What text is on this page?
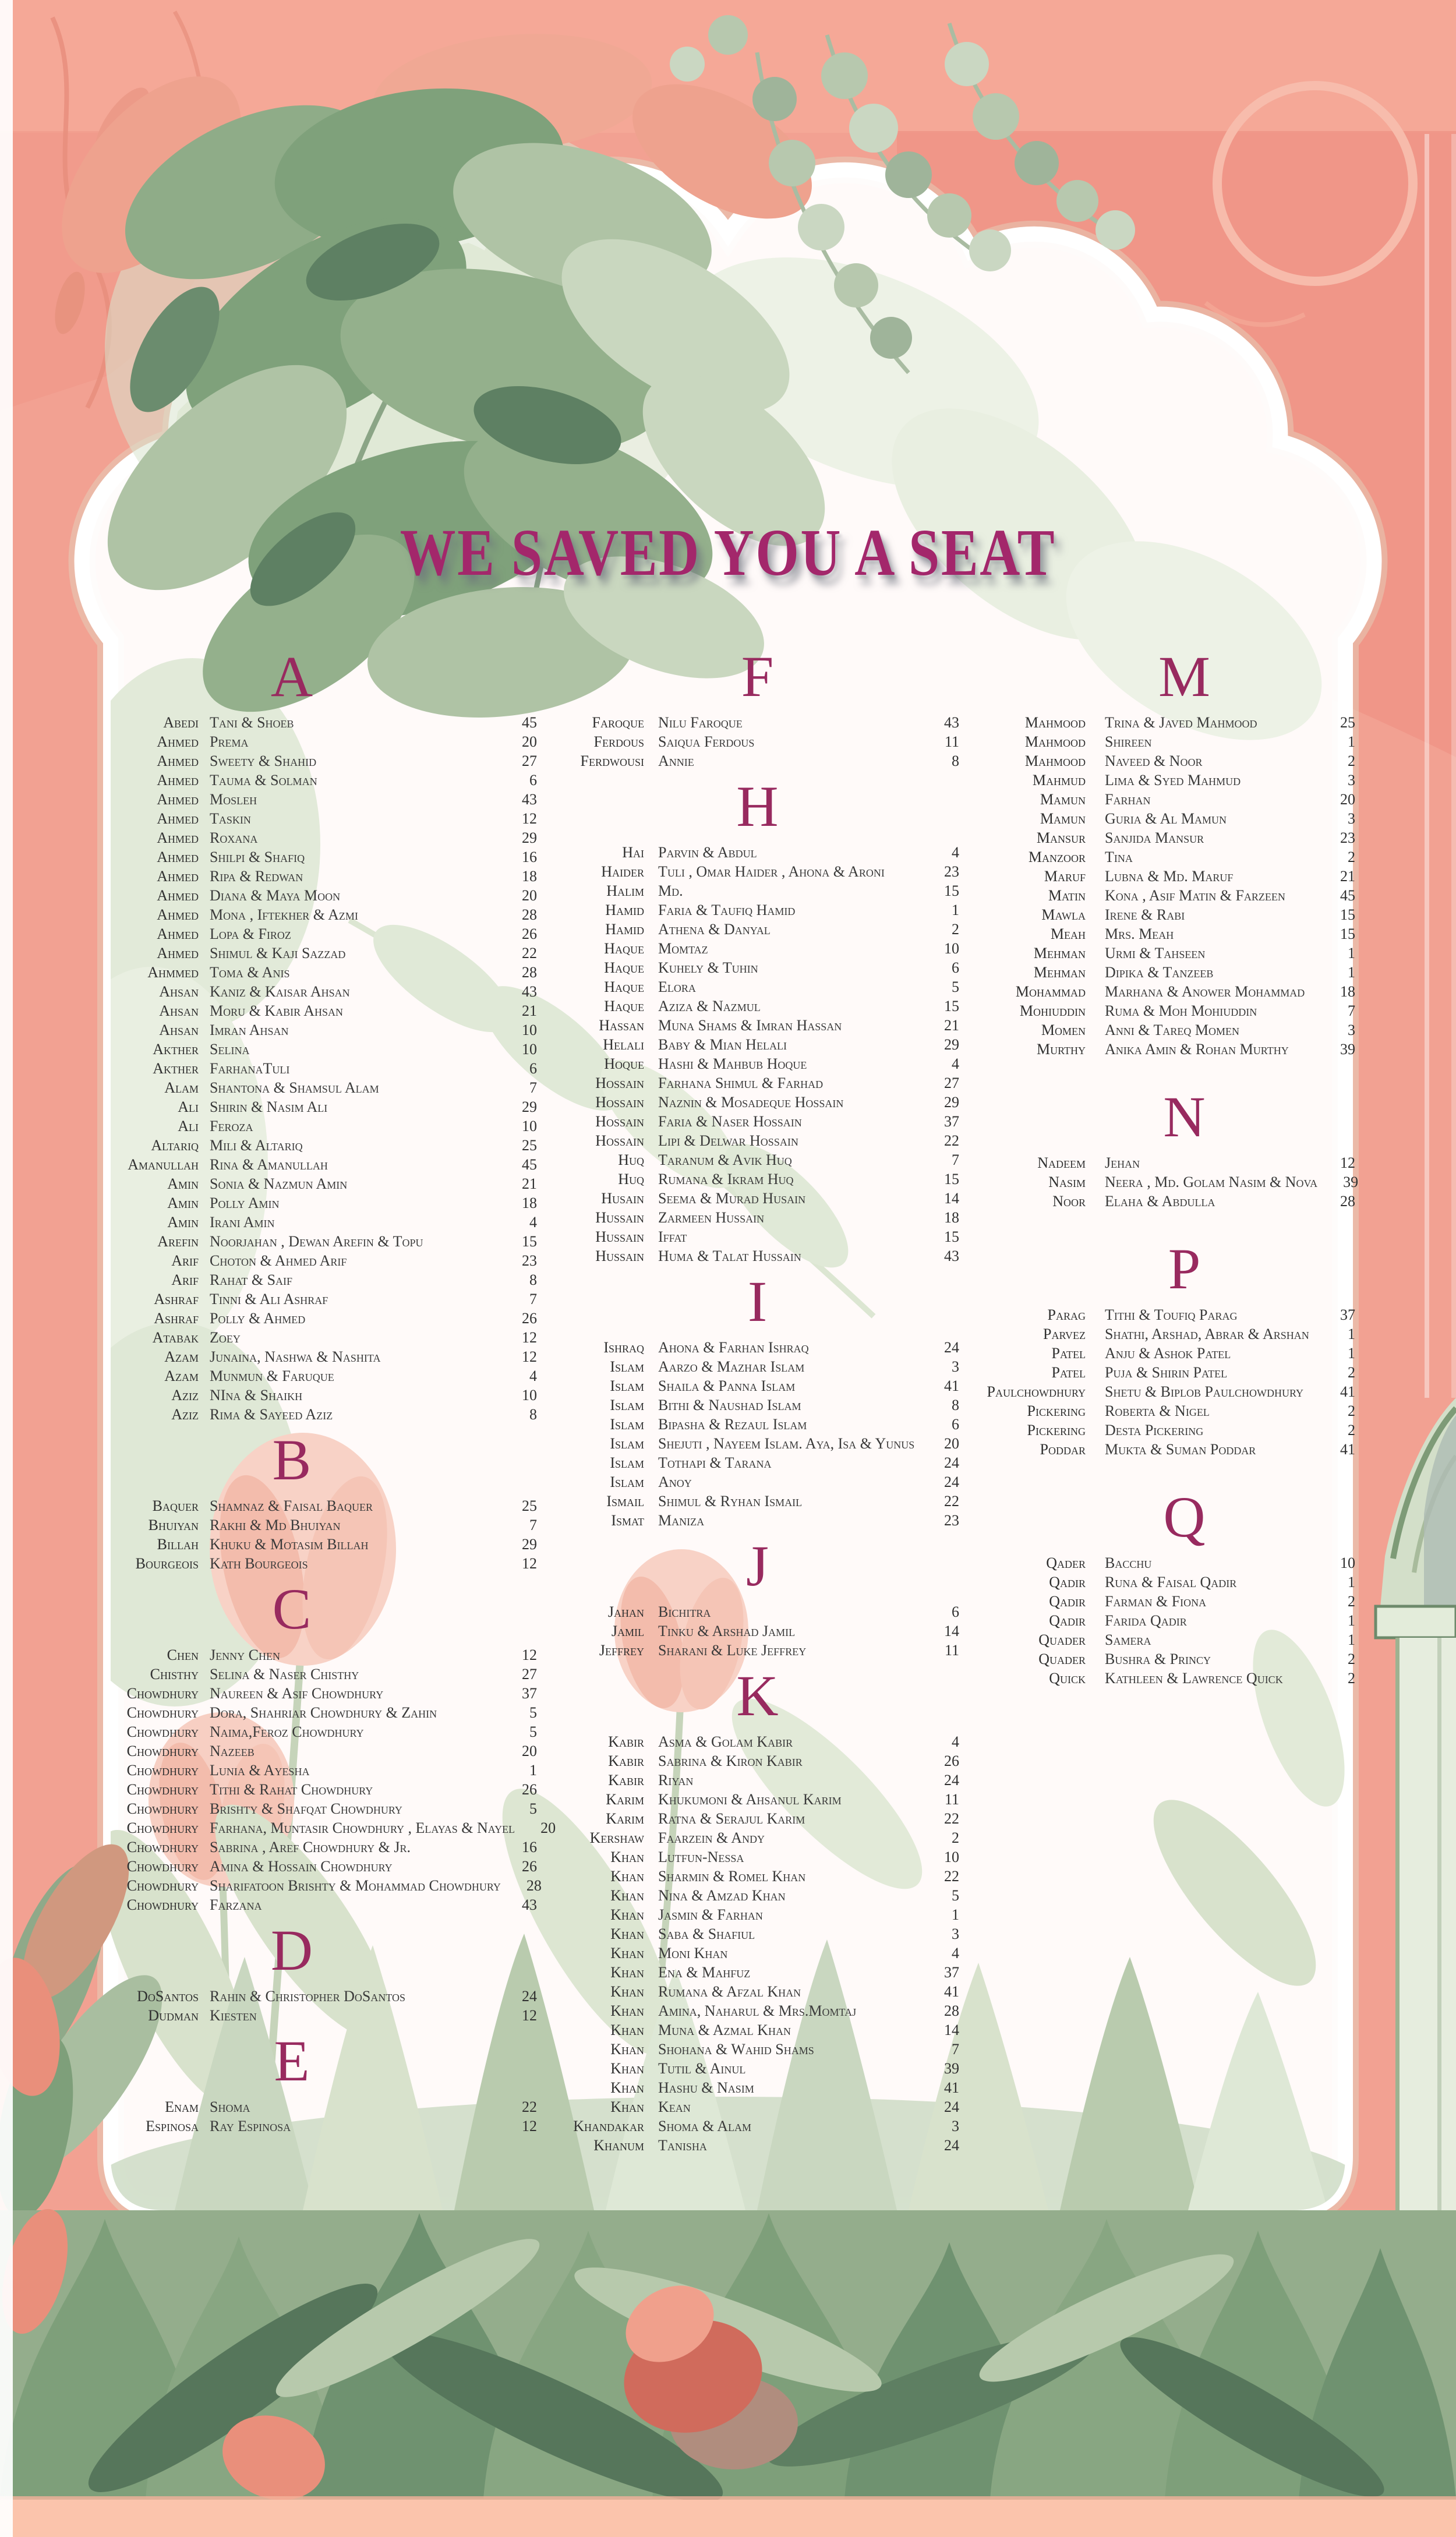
WE SAVED YOU A SEAT
A
Abedi Tani & Shoeb	45
Ahmed Prema	20
Ahmed Sweety & Shahid	27
Ahmed Tauma & Solman	6
Ahmed Mosleh	43
Ahmed Taskin	12
Ahmed Roxana	29
Ahmed Shilpi & Shafiq	16
Ahmed Ripa & Redwan	18
Ahmed Diana & Maya Moon	20
Ahmed Mona , Iftekher & Azmi	28
Ahmed Lopa & Firoz	26
Ahmed Shimul & Kaji Sazzad	22
Ahmmed Toma & Anis	28
Ahsan Kaniz & Kaisar Ahsan	43
Ahsan Moru & Kabir Ahsan	21
Ahsan Imran Ahsan	10
Akther Selina	10
Akther FarhanaTuli	6
Alam Shantona & Shamsul Alam	7
Ali Shirin & Nasim Ali	29
Ali Feroza	10
Altariq Mili & Altariq	25
Amanullah Rina & Amanullah	45
Amin Sonia & Nazmun Amin	21
Amin Polly Amin	18
Amin Irani Amin	4
Arefin Noorjahan , Dewan Arefin & Topu	15
Arif Choton & Ahmed Arif	23
Arif Rahat & Saif	8
Ashraf Tinni & Ali Ashraf	7
Ashraf Polly & Ahmed	26
Atabak Zoey	12
Azam Junaina, Nashwa & Nashita	12
Azam Munmun & Faruque	4
Aziz NIna & Shaikh	10
Aziz Rima & Sayeed Aziz	8
B
Baquer Shamnaz & Faisal Baquer	25
Bhuiyan Rakhi & Md Bhuiyan	7
Billah Khuku & Motasim Billah	29
Bourgeois Kath Bourgeois	12
C
Chen Jenny Chen	12
Chisthy Selina & Naser Chisthy	27
Chowdhury Naureen & Asif Chowdhury	37
Chowdhury Dora, Shahriar Chowdhury & Zahin	5
Chowdhury Naima,Feroz Chowdhury	5
Chowdhury Nazeeb	20
Chowdhury Lunia & Ayesha	1
Chowdhury Tithi & Rahat Chowdhury	26
Chowdhury Brishty & Shafqat Chowdhury	5
Chowdhury Farhana, Muntasir Chowdhury , Elayas & Nayel	20
Chowdhury Sabrina , Aref Chowdhury & Jr.	16
Chowdhury Amina & Hossain Chowdhury	26
Chowdhury Sharifatoon Brishty & Mohammad Chowdhury	28
Chowdhury Farzana	43
D
DoSantos Rahin & Christopher DoSantos	24
Dudman Kiesten	12
E
Enam Shoma	22
Espinosa Ray Espinosa	12
F
Faroque Nilu Faroque	43
Ferdous Saiqua Ferdous	11
Ferdwousi Annie	8
H
Hai Parvin & Abdul	4
Haider Tuli , Omar Haider , Ahona & Aroni	23
Halim Md.	15
Hamid Faria & Taufiq Hamid	1
Hamid Athena & Danyal	2
Haque Momtaz	10
Haque Kuhely & Tuhin	6
Haque Elora	5
Haque Aziza & Nazmul	15
Hassan Muna Shams & Imran Hassan	21
Helali Baby & Mian Helali	29
Hoque Hashi & Mahbub Hoque	4
Hossain Farhana Shimul & Farhad	27
Hossain Naznin & Mosadeque Hossain	29
Hossain Faria & Naser Hossain	37
Hossain Lipi & Delwar Hossain	22
Huq Taranum & Avik Huq	7
Huq Rumana & Ikram Huq	15
Husain Seema & Murad Husain	14
Hussain Zarmeen Hussain	18
Hussain Iffat	15
Hussain Huma & Talat Hussain	43
I
Ishraq Ahona & Farhan Ishraq	24
Islam Aarzo & Mazhar Islam	3
Islam Shaila & Panna Islam	41
Islam Bithi & Naushad Islam	8
Islam Bipasha & Rezaul Islam	6
Islam Shejuti , Nayeem Islam. Aya, Isa & Yunus	20
Islam Tothapi & Tarana	24
Islam Anoy	24
Ismail Shimul & Ryhan Ismail	22
Ismat Maniza	23
J
Jahan Bichitra	6
Jamil Tinku & Arshad Jamil	14
Jeffrey Sharani & Luke Jeffrey	11
K
Kabir Asma & Golam Kabir	4
Kabir Sabrina & Kiron Kabir	26
Kabir Riyan	24
Karim Khukumoni & Ahsanul Karim	11
Karim Ratna & Serajul Karim	22
Kershaw Faarzein & Andy	2
Khan Lutfun-Nessa	10
Khan Sharmin & Romel Khan	22
Khan Nina & Amzad Khan	5
Khan Jasmin & Farhan	1
Khan Saba & Shafiul	3
Khan Moni Khan	4
Khan Ena & Mahfuz	37
Khan Rumana & Afzal Khan	41
Khan Amina, Naharul & Mrs.Momtaj	28
Khan Muna & Azmal Khan	14
Khan Shohana & Wahid Shams	7
Khan Tutil & Ainul	39
Khan Hashu & Nasim	41
Khan Kean	24
Khandakar Shoma & Alam	3
Khanum Tanisha	24
M
Mahmood	Trina & Javed Mahmood	25
Mahmood	Shireen	1
Mahmood	Naveed & Noor	2
Mahmud	Lima & Syed Mahmud	3
Mamun	Farhan	20
Mamun	Guria & Al Mamun	3
Mansur	Sanjida Mansur	23
Manzoor	Tina	2
Maruf	Lubna & Md. Maruf	21
Matin	Kona , Asif Matin & Farzeen	45
Mawla	Irene & Rabi	15
Meah	Mrs. Meah	15
Mehman	Urmi & Tahseen	1
Mehman	Dipika & Tanzeeb	1
Mohammad	Marhana & Anower Mohammad	18
Mohiuddin	Ruma & Moh Mohiuddin	7
Momen	Anni & Tareq Momen	3
Murthy	Anika Amin & Rohan Murthy	39
N
Nadeem	Jehan	12
Nasim	Neera , Md. Golam Nasim & Nova	39
Noor	Elaha & Abdulla	28
P
Parag	Tithi & Toufiq Parag	37
Parvez	Shathi, Arshad, Abrar & Arshan	1
Patel	Anju & Ashok Patel	1
Patel	Puja & Shirin Patel	2
Paulchowdhury	Shetu & Biplob Paulchowdhury	41
Pickering	Roberta & Nigel	2
Pickering	Desta Pickering	2
Poddar	Mukta & Suman Poddar	41
Q
Qader	Bacchu	10
Qadir	Runa & Faisal Qadir	1
Qadir	Farman & Fiona	2
Qadir	Farida Qadir	1
Quader	Samera	1
Quader	Bushra & Princy	2
Quick	Kathleen & Lawrence Quick	2
